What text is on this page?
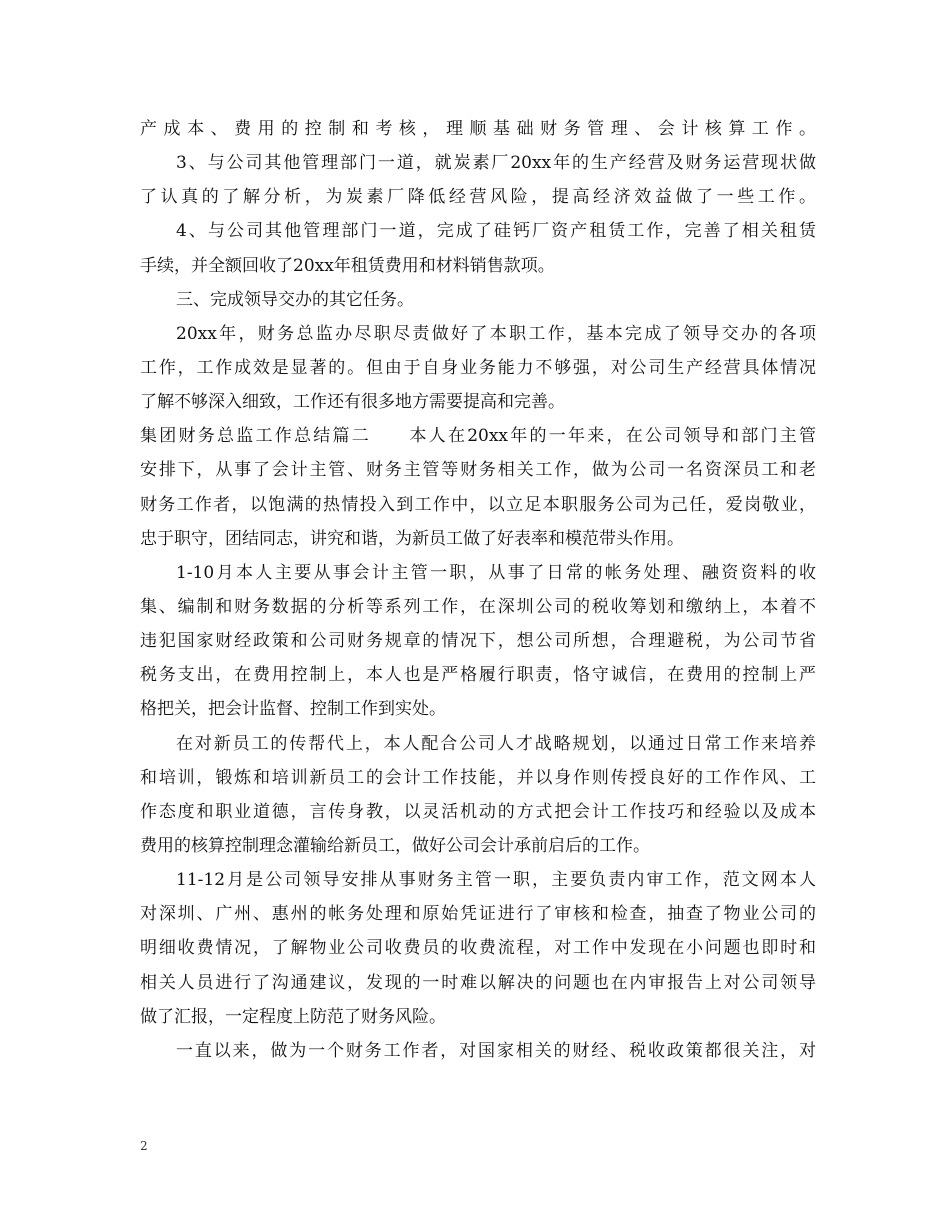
产成本、费用的控制和考核，理顺基础财务管理、会计核算工作。
3、与公司其他管理部门一道，就炭素厂20xx年的生产经营及财务运营现状做
了认真的了解分析，为炭素厂降低经营风险，提高经济效益做了一些工作。
4、与公司其他管理部门一道，完成了硅钙厂资产租赁工作，完善了相关租赁
手续，并全额回收了20xx年租赁费用和材料销售款项。
三、完成领导交办的其它任务。
20xx年，财务总监办尽职尽责做好了本职工作，基本完成了领导交办的各项
工作，工作成效是显著的。但由于自身业务能力不够强，对公司生产经营具体情况
了解不够深入细致，工作还有很多地方需要提高和完善。
集团财务总监工作总结篇二　　本人在20xx年的一年来，在公司领导和部门主管
安排下，从事了会计主管、财务主管等财务相关工作，做为公司一名资深员工和老
财务工作者，以饱满的热情投入到工作中，以立足本职服务公司为己任，爱岗敬业，
忠于职守，团结同志，讲究和谐，为新员工做了好表率和模范带头作用。
1-10月本人主要从事会计主管一职，从事了日常的帐务处理、融资资料的收
集、编制和财务数据的分析等系列工作，在深圳公司的税收筹划和缴纳上，本着不
违犯国家财经政策和公司财务规章的情况下，想公司所想，合理避税，为公司节省
税务支出，在费用控制上，本人也是严格履行职责，恪守诚信，在费用的控制上严
格把关，把会计监督、控制工作到实处。
在对新员工的传帮代上，本人配合公司人才战略规划，以通过日常工作来培养
和培训，锻炼和培训新员工的会计工作技能，并以身作则传授良好的工作作风、工
作态度和职业道德，言传身教，以灵活机动的方式把会计工作技巧和经验以及成本
费用的核算控制理念灌输给新员工，做好公司会计承前启后的工作。
11-12月是公司领导安排从事财务主管一职，主要负责内审工作，范文网本人
对深圳、广州、惠州的帐务处理和原始凭证进行了审核和检查，抽查了物业公司的
明细收费情况，了解物业公司收费员的收费流程，对工作中发现在小问题也即时和
相关人员进行了沟通建议，发现的一时难以解决的问题也在内审报告上对公司领导
做了汇报，一定程度上防范了财务风险。
一直以来，做为一个财务工作者，对国家相关的财经、税收政策都很关注，对
2
